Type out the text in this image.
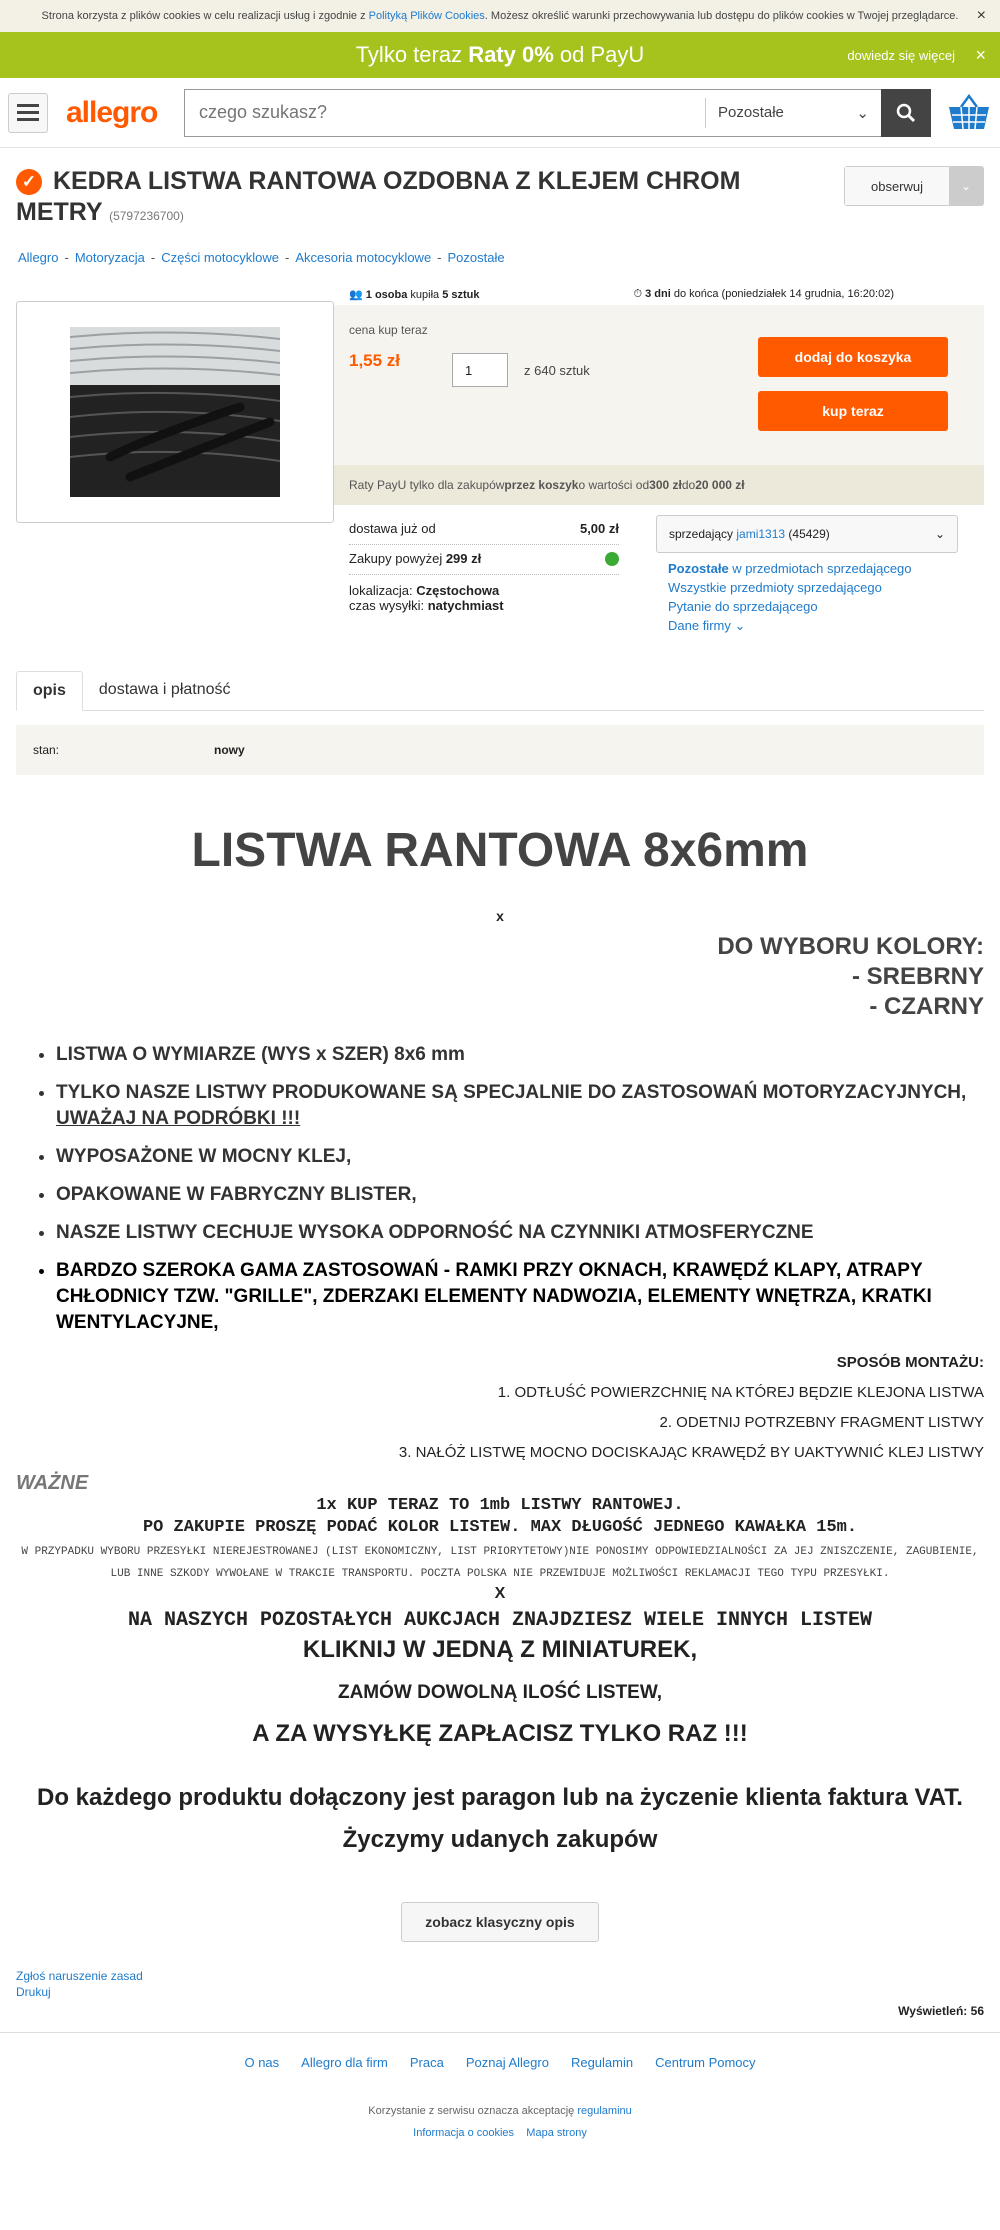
Strona korzysta z plików cookies w celu realizacji usług i zgodnie z Polityką Plików Cookies. Możesz określić warunki przechowywania lub dostępu do plików cookies w Twojej przeglądarce. ×
Tylko teraz Raty 0% od PayU	dowiedz się więcej ×
allegro
czego szukasz?	Pozostałe	⌄
✓ KEDRA LISTWA RANTOWA OZDOBNA Z KLEJEM CHROM METRY (5797236700)
obserwuj	⌄
Allegro - Motoryzacja - Części motocyklowe - Akcesoria motocyklowe - Pozostałe
👥 1 osoba kupiła 5 sztuk	⏱ 3 dni do końca (poniedziałek 14 grudnia, 16:20:02)
cena kup teraz
1,55 zł	1	z 640 sztuk
dodaj do koszyka
kup teraz
Raty PayU tylko dla zakupów przez koszyk o wartości od 300 zł do 20 000 zł
dostawa już od	5,00 zł
Zakupy powyżej 299 zł
lokalizacja: Częstochowa
czas wysyłki: natychmiast
sprzedający jami1313 (45429)	⌄
Pozostałe w przedmiotach sprzedającego
Wszystkie przedmioty sprzedającego
Pytanie do sprzedającego
Dane firmy ⌄
opis	dostawa i płatność
stan:	nowy
LISTWA RANTOWA 8x6mm
x
DO WYBORU KOLORY:
- SREBRNY
- CZARNY
• LISTWA O WYMIARZE (WYS x SZER) 8x6 mm
• TYLKO NASZE LISTWY PRODUKOWANE SĄ SPECJALNIE DO ZASTOSOWAŃ MOTORYZACYJNYCH,
UWAŻAJ NA PODRÓBKI !!!
• WYPOSAŻONE W MOCNY KLEJ,
• OPAKOWANE W FABRYCZNY BLISTER,
• NASZE LISTWY CECHUJE WYSOKA ODPORNOŚĆ NA CZYNNIKI ATMOSFERYCZNE
• BARDZO SZEROKA GAMA ZASTOSOWAŃ - RAMKI PRZY OKNACH, KRAWĘDŹ KLAPY, ATRAPY CHŁODNICY TZW. "GRILLE", ZDERZAKI ELEMENTY NADWOZIA, ELEMENTY WNĘTRZA, KRATKI WENTYLACYJNE,
SPOSÓB MONTAŻU:
1. ODTŁUŚĆ POWIERZCHNIĘ NA KTÓREJ BĘDZIE KLEJONA LISTWA
2. ODETNIJ POTRZEBNY FRAGMENT LISTWY
3. NAŁÓŻ LISTWĘ MOCNO DOCISKAJĄC KRAWĘDŹ BY UAKTYWNIĆ KLEJ LISTWY
WAŻNE
1x KUP TERAZ TO 1mb LISTWY RANTOWEJ.
PO ZAKUPIE PROSZĘ PODAĆ KOLOR LISTEW. MAX DŁUGOŚĆ JEDNEGO KAWAŁKA 15m.
W PRZYPADKU WYBORU PRZESYŁKI NIEREJESTROWANEJ (LIST EKONOMICZNY, LIST PRIORYTETOWY)NIE PONOSIMY ODPOWIEDZIALNOŚCI ZA JEJ ZNISZCZENIE, ZAGUBIENIE, LUB INNE SZKODY WYWOŁANE W TRAKCIE TRANSPORTU. POCZTA POLSKA NIE PRZEWIDUJE MOŻLIWOŚCI REKLAMACJI TEGO TYPU PRZESYŁKI.
X
NA NASZYCH POZOSTAŁYCH AUKCJACH ZNAJDZIESZ WIELE INNYCH LISTEW
KLIKNIJ W JEDNĄ Z MINIATUREK,
ZAMÓW DOWOLNĄ ILOŚĆ LISTEW,
A ZA WYSYŁKĘ ZAPŁACISZ TYLKO RAZ !!!
Do każdego produktu dołączony jest paragon lub na życzenie klienta faktura VAT.
Życzymy udanych zakupów
zobacz klasyczny opis
Zgłoś naruszenie zasad
Drukuj
Wyświetleń: 56
O nas Allegro dla firm Praca Poznaj Allegro Regulamin Centrum Pomocy
Korzystanie z serwisu oznacza akceptację regulaminu
Informacja o cookies Mapa strony
